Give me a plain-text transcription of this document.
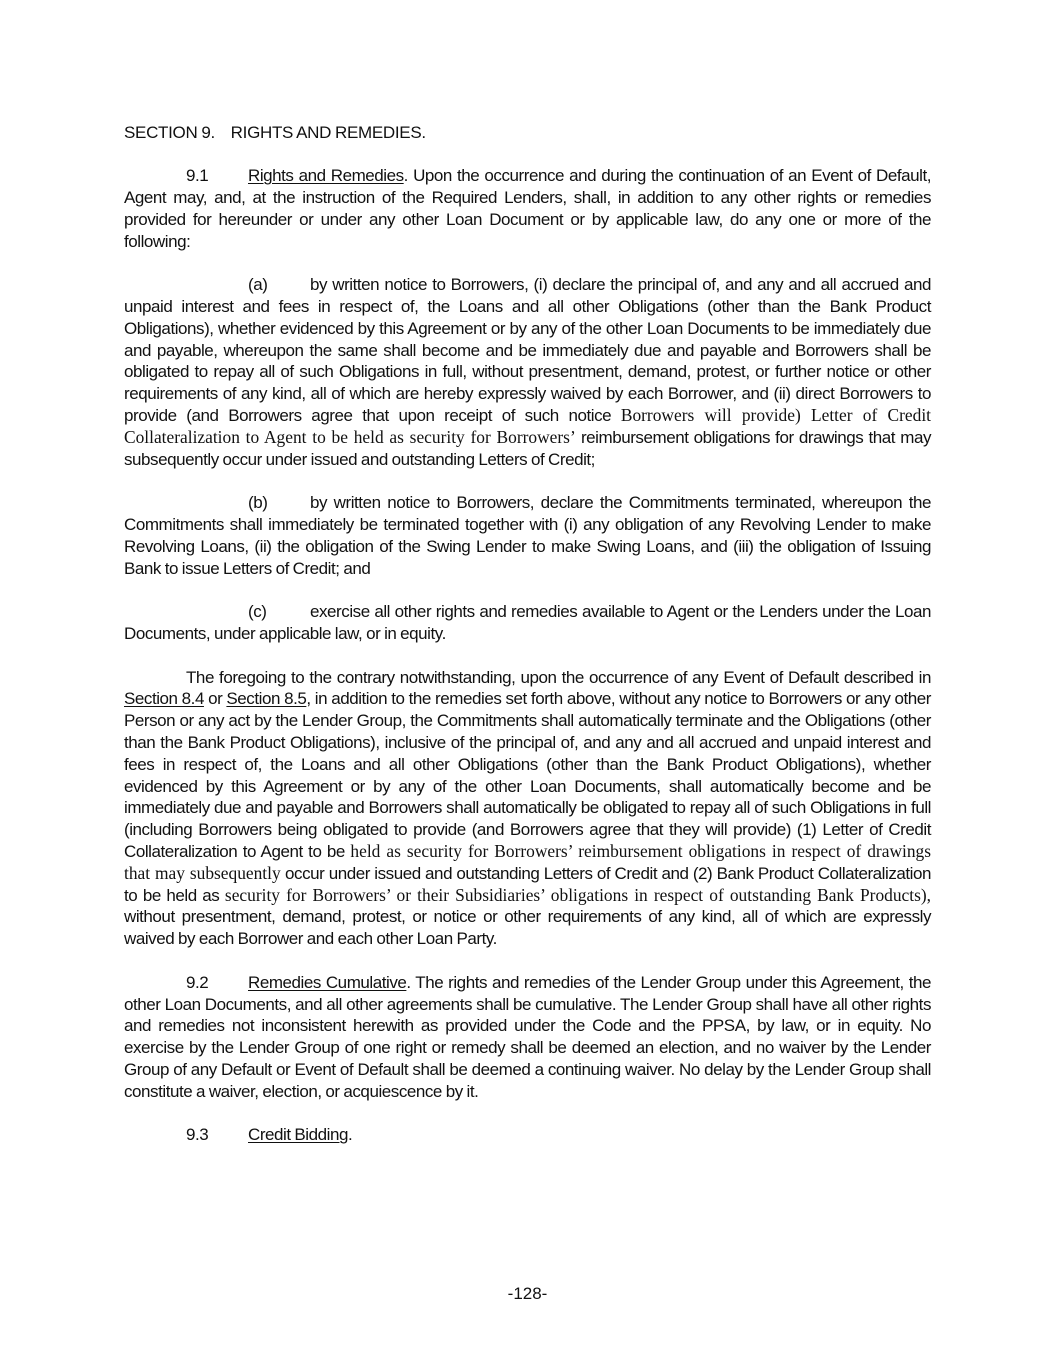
SECTION 9. RIGHTS AND REMEDIES.

9.1 Rights and Remedies. Upon the occurrence and during the continuation of an Event of Default, Agent may, and, at the instruction of the Required Lenders, shall, in addition to any other rights or remedies provided for hereunder or under any other Loan Document or by applicable law, do any one or more of the following:

(a)	by written notice to Borrowers, (i) declare the principal of, and any and all accrued and unpaid interest and fees in respect of, the Loans and all other Obligations (other than the Bank Product Obligations), whether evidenced by this Agreement or by any of the other Loan Documents to be immediately due and payable, whereupon the same shall become and be immediately due and payable and Borrowers shall be obligated to repay all of such Obligations in full, without presentment, demand, protest, or further notice or other requirements of any kind, all of which are hereby expressly waived by each Borrower, and (ii) direct Borrowers to provide (and Borrowers agree that upon receipt of such notice Borrowers will provide) Letter of Credit Collateralization to Agent to be held as security for Borrowers’ reimbursement obligations for drawings that may subsequently occur under issued and outstanding Letters of Credit;

(b)	by written notice to Borrowers, declare the Commitments terminated, whereupon the Commitments shall immediately be terminated together with (i) any obligation of any Revolving Lender to make Revolving Loans, (ii) the obligation of the Swing Lender to make Swing Loans, and (iii) the obligation of Issuing Bank to issue Letters of Credit; and

(c)	exercise all other rights and remedies available to Agent or the Lenders under the Loan Documents, under applicable law, or in equity.

The foregoing to the contrary notwithstanding, upon the occurrence of any Event of Default described in Section 8.4 or Section 8.5, in addition to the remedies set forth above, without any notice to Borrowers or any other Person or any act by the Lender Group, the Commitments shall automatically terminate and the Obligations (other than the Bank Product Obligations), inclusive of the principal of, and any and all accrued and unpaid interest and fees in respect of, the Loans and all other Obligations (other than the Bank Product Obligations), whether evidenced by this Agreement or by any of the other Loan Documents, shall automatically become and be immediately due and payable and Borrowers shall automatically be obligated to repay all of such Obligations in full (including Borrowers being obligated to provide (and Borrowers agree that they will provide) (1) Letter of Credit Collateralization to Agent to be held as security for Borrowers’ reimbursement obligations in respect of drawings that may subsequently occur under issued and outstanding Letters of Credit and (2) Bank Product Collateralization to be held as security for Borrowers’ or their Subsidiaries’ obligations in respect of outstanding Bank Products), without presentment, demand, protest, or notice or other requirements of any kind, all of which are expressly waived by each Borrower and each other Loan Party.

9.2 Remedies Cumulative. The rights and remedies of the Lender Group under this Agreement, the other Loan Documents, and all other agreements shall be cumulative. The Lender Group shall have all other rights and remedies not inconsistent herewith as provided under the Code and the PPSA, by law, or in equity. No exercise by the Lender Group of one right or remedy shall be deemed an election, and no waiver by the Lender Group of any Default or Event of Default shall be deemed a continuing waiver. No delay by the Lender Group shall constitute a waiver, election, or acquiescence by it.

9.3 Credit Bidding.

-128-
